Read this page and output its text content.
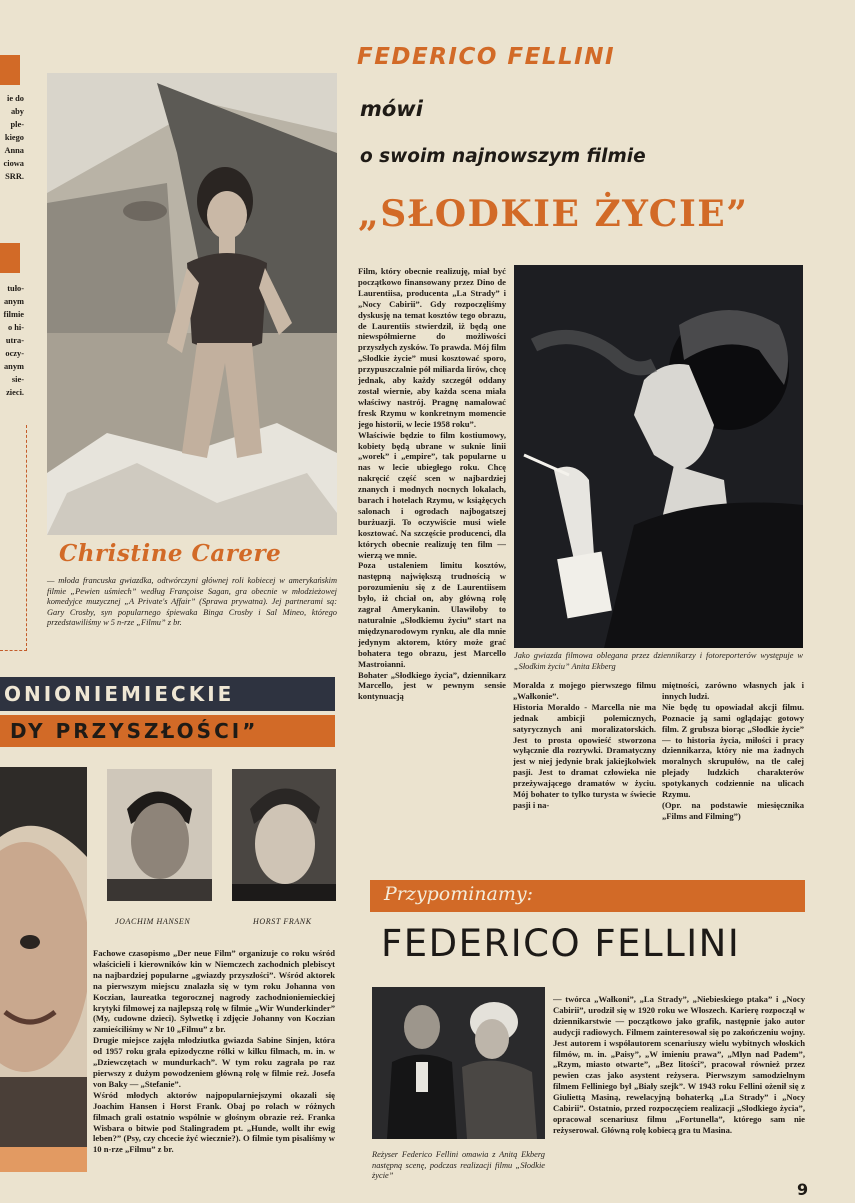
ie do
aby
ple-
kiego
Anna
ciowa
SRR.
tuło-
anym
filmie
o hi-
utra-
oczy-
anym
sie-
zieci.
Christine Carere
— młoda francuska gwiazdka, odtwórczyni głównej roli kobiecej w amerykańskim filmie „Pewien uśmiech” według Françoise Sagan, gra obecnie w młodzieżowej komedyjce muzycznej „A Private's Affair” (Sprawa prywatna). Jej partnerami są: Gary Crosby, syn popularnego śpiewaka Binga Crosby i Sal Mineo, którego przedstawiliśmy w 5 n-rze „Filmu” z br.
FEDERICO FELLINI
mówi
o swoim najnowszym filmie
„SŁODKIE ŻYCIE”
Film, który obecnie realizuję, miał być początkowo finansowany przez Dino de Laurentiisa, producenta „La Strady” i „Nocy Cabirii”. Gdy rozpoczęliśmy dyskusję na temat kosztów tego obrazu, de Laurentiis stwierdził, iż będą one niewspółmierne do możliwości przyszłych zysków. To prawda. Mój film „Słodkie życie” musi kosztować sporo, przypuszczalnie pół miliarda lirów, chcę jednak, aby każdy szczegół oddany został wiernie, aby każda scena miała właściwy nastrój. Pragnę namalować fresk Rzymu w konkretnym momencie jego historii, w lecie 1958 roku”.
Właściwie będzie to film kostiumowy, kobiety będą ubrane w suknie linii „worek” i „empire”, tak popularne u nas w lecie ubiegłego roku. Chcę nakręcić część scen w najbardziej znanych i modnych nocnych lokalach, barach i hotelach Rzymu, w książęcych salonach i ogrodach najbogatszej burżuazji. To oczywiście musi wiele kosztować. Na szczęście producenci, dla których obecnie realizuję ten film — wierzą we mnie.
Poza ustaleniem limitu kosztów, następną największą trudnością w porozumieniu się z de Laurentiisem było, iż chciał on, aby główną rolę zagrał Amerykanin. Ulawiłoby to naturalnie „Słodkiemu życiu” start na międzynarodowym rynku, ale dla mnie jedynym aktorem, który może grać bohatera tego obrazu, jest Marcello Mastroianni.
Bohater „Słodkiego życia”, dziennikarz Marcello, jest w pewnym sensie kontynuacją
Jako gwiazda filmowa oblegana przez dziennikarzy i fotoreporterów występuje w „Słodkim życiu” Anita Ekberg
Moralda z mojego pierwszego filmu „Wałkonie”.
Historia Moraldo - Marcella nie ma jednak ambicji polemicznych, satyrycznych ani moralizatorskich. Jest to prosta opowieść stworzona wyłącznie dla rozrywki. Dramatyczny jest w niej jedynie brak jakiejkolwiek pasji. Jest to dramat człowieka nie przeżywającego dramatów w życiu. Mój bohater to tylko turysta w świecie pasji i na-
miętności, zarówno własnych jak i innych ludzi.
Nie będę tu opowiadał akcji filmu. Poznacie ją sami oglądając gotowy film. Z grubsza biorąc „Słodkie życie” — to historia życia, miłości i pracy dziennikarza, który nie ma żadnych moralnych skrupułów, na tle całej plejady ludzkich charakterów spotykanych codziennie na ulicach Rzymu.
(Opr. na podstawie miesięcznika „Films and Filming”)
ONIONIEMIECKIE
DY PRZYSZŁOŚCI”
JOACHIM HANSEN	HORST FRANK
Fachowe czasopismo „Der neue Film” organizuje co roku wśród właścicieli i kierowników kin w Niemczech zachodnich plebiscyt na najbardziej popularne „gwiazdy przyszłości”. Wśród aktorek na pierwszym miejscu znalazła się w tym roku Johanna von Koczian, laureatka tegorocznej nagrody zachodnioniemieckiej krytyki filmowej za najlepszą rolę w filmie „Wir Wunderkinder” (My, cudowne dzieci). Sylwetkę i zdjęcie Johanny von Koczian zamieściliśmy w Nr 10 „Filmu” z br.
Drugie miejsce zajęła młodziutka gwiazda Sabine Sinjen, która od 1957 roku grała epizodyczne rólki w kilku filmach, m. in. w „Dziewczętach w mundurkach”. W tym roku zagrała po raz pierwszy z dużym powodzeniem główną rolę w filmie reż. Josefa von Baky — „Stefanie”.
Wśród młodych aktorów najpopularniejszymi okazali się Joachim Hansen i Horst Frank. Obaj po rolach w różnych filmach grali ostatnio wspólnie w głośnym obrazie reż. Franka Wisbara o bitwie pod Stalingradem pt. „Hunde, wollt ihr ewig leben?” (Psy, czy chcecie żyć wiecznie?). O filmie tym pisaliśmy w 10 n-rze „Filmu” z br.
Przypominamy:
FEDERICO FELLINI
Reżyser Federico Fellini omawia z Anitą Ekberg następną scenę, podczas realizacji filmu „Słodkie życie”
— twórca „Wałkoni”, „La Strady”, „Niebieskiego ptaka” i „Nocy Cabirii”, urodził się w 1920 roku we Włoszech. Karierę rozpoczął w dziennikarstwie — początkowo jako grafik, następnie jako autor audycji radiowych. Filmem zainteresował się po zakończeniu wojny. Jest autorem i współautorem scenariuszy wielu wybitnych włoskich filmów, m. in. „Paisy”, „W imieniu prawa”, „Młyn nad Padem”, „Rzym, miasto otwarte”, „Bez litości”, pracował również przez pewien czas jako asystent reżysera. Pierwszym samodzielnym filmem Felliniego był „Biały szejk”. W 1943 roku Fellini ożenił się z Giuliettą Masiną, rewelacyjną bohaterką „La Strady” i „Nocy Cabirii”. Ostatnio, przed rozpoczęciem realizacji „Słodkiego życia”, opracował scenariusz filmu „Fortunella”, którego sam nie reżyserował. Główną rolę kobiecą gra tu Masina.
9
